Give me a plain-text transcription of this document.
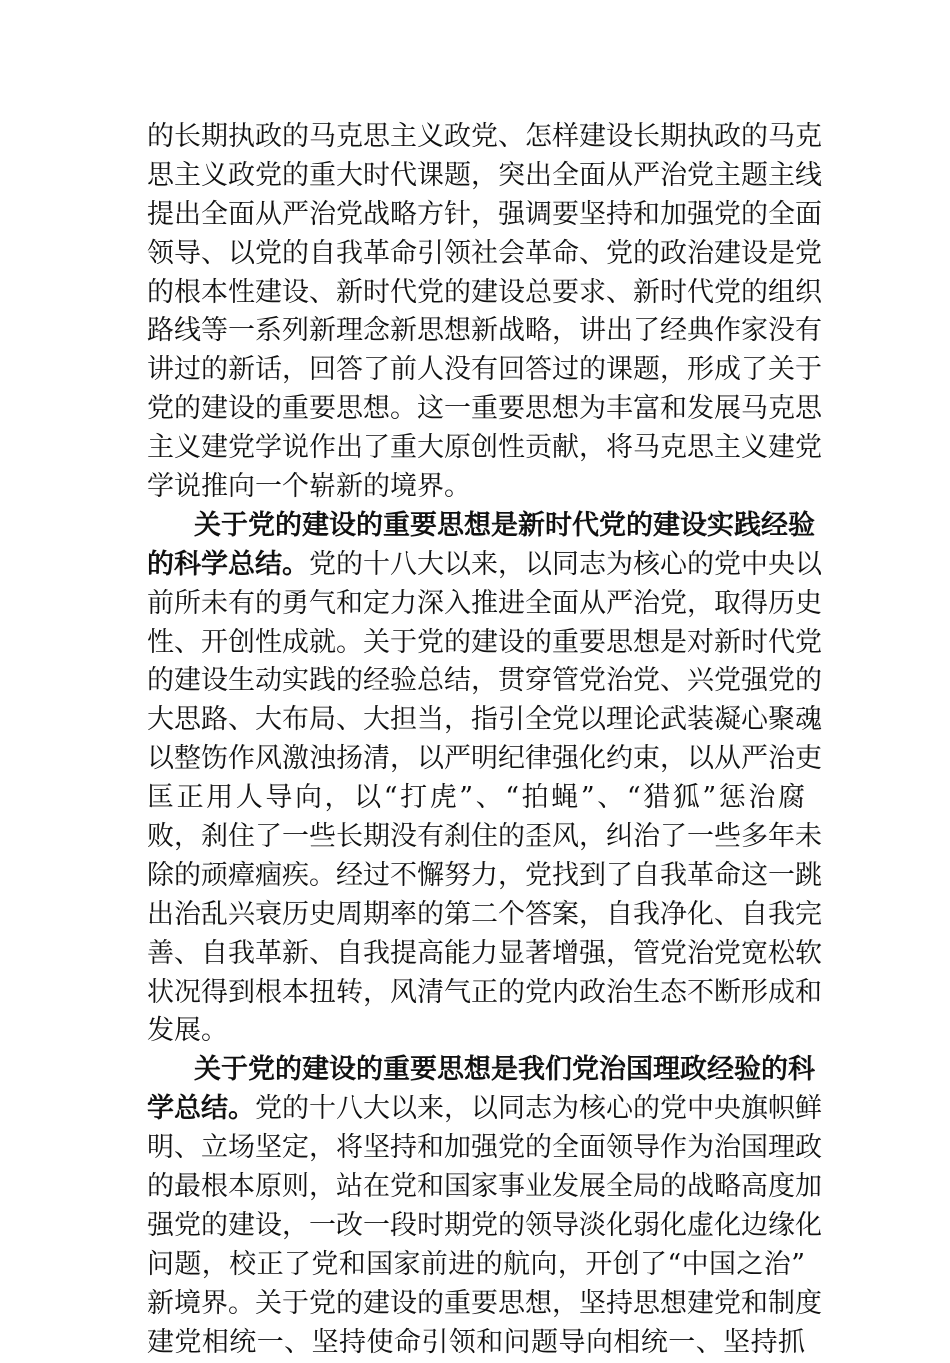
的长期执政的马克思主义政党、怎样建设长期执政的马克
思主义政党的重大时代课题，突出全面从严治党主题主线
提出全面从严治党战略方针，强调要坚持和加强党的全面
领导、以党的自我革命引领社会革命、党的政治建设是党
的根本性建设、新时代党的建设总要求、新时代党的组织
路线等一系列新理念新思想新战略，讲出了经典作家没有
讲过的新话，回答了前人没有回答过的课题，形成了关于
党的建设的重要思想。这一重要思想为丰富和发展马克思
主义建党学说作出了重大原创性贡献，将马克思主义建党
学说推向一个崭新的境界。
关于党的建设的重要思想是新时代党的建设实践经验
的科学总结。党的十八大以来，以同志为核心的党中央以
前所未有的勇气和定力深入推进全面从严治党，取得历史
性、开创性成就。关于党的建设的重要思想是对新时代党
的建设生动实践的经验总结，贯穿管党治党、兴党强党的
大思路、大布局、大担当，指引全党以理论武装凝心聚魂
以整饬作风激浊扬清，以严明纪律强化约束，以从严治吏
匡正用人导向，以“打虎”、“拍蝇”、“猎狐”惩治腐
败，刹住了一些长期没有刹住的歪风，纠治了一些多年未
除的顽瘴痼疾。经过不懈努力，党找到了自我革命这一跳
出治乱兴衰历史周期率的第二个答案，自我净化、自我完
善、自我革新、自我提高能力显著增强，管党治党宽松软
状况得到根本扭转，风清气正的党内政治生态不断形成和
发展。
关于党的建设的重要思想是我们党治国理政经验的科
学总结。党的十八大以来，以同志为核心的党中央旗帜鲜
明、立场坚定，将坚持和加强党的全面领导作为治国理政
的最根本原则，站在党和国家事业发展全局的战略高度加
强党的建设，一改一段时期党的领导淡化弱化虚化边缘化
问题，校正了党和国家前进的航向，开创了“中国之治”
新境界。关于党的建设的重要思想，坚持思想建党和制度
建党相统一、坚持使命引领和问题导向相统一、坚持抓
